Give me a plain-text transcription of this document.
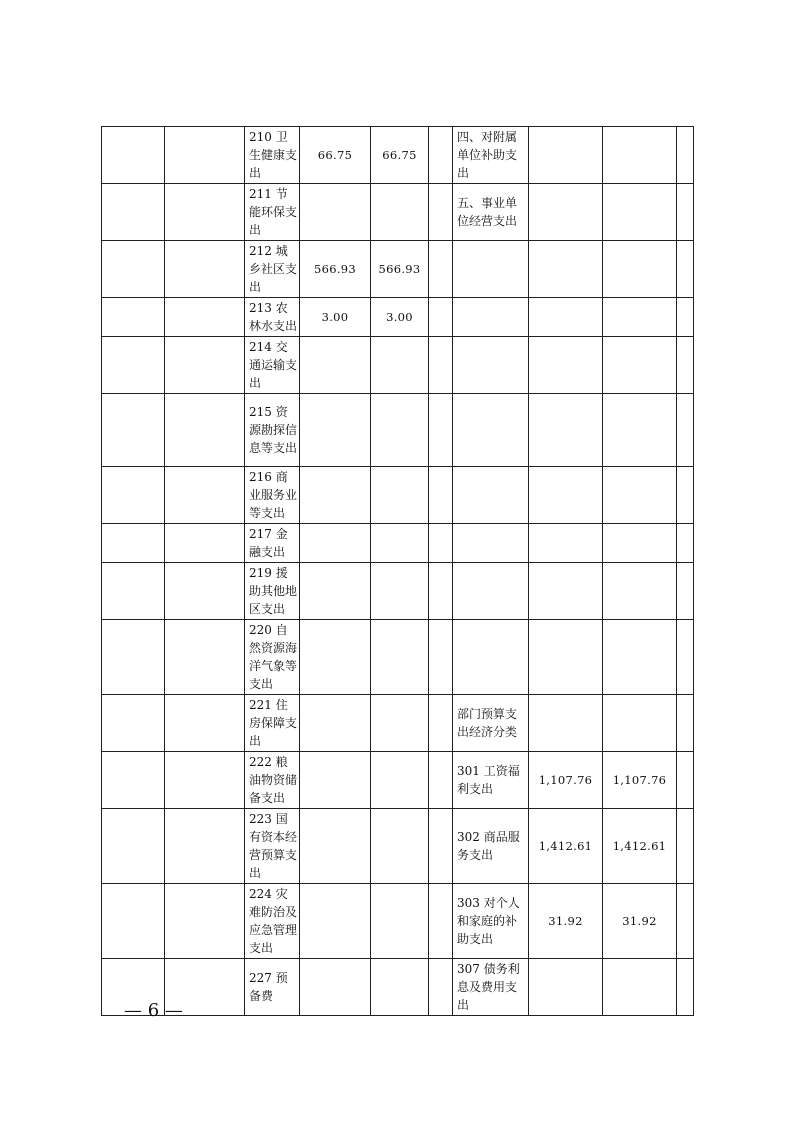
		210 卫生健康支出	66.75	66.75		四、对附属单位补助支出			
		211 节能环保支出				五、事业单位经营支出			
		212 城乡社区支出	566.93	566.93					
		213 农林水支出	3.00	3.00					
		214 交通运输支出							
		215 资源勘探信息等支出							
		216 商业服务业等支出							
		217 金融支出							
		219 援助其他地区支出							
		220 自然资源海洋气象等支出							
		221 住房保障支出				部门预算支出经济分类			
		222 粮油物资储备支出				301 工资福利支出	1,107.76	1,107.76	
		223 国有资本经营预算支出				302 商品服务支出	1,412.61	1,412.61	
		224 灾难防治及应急管理支出				303 对个人和家庭的补助支出	31.92	31.92	
		227 预备费				307 债务利息及费用支出			
— 6 —
